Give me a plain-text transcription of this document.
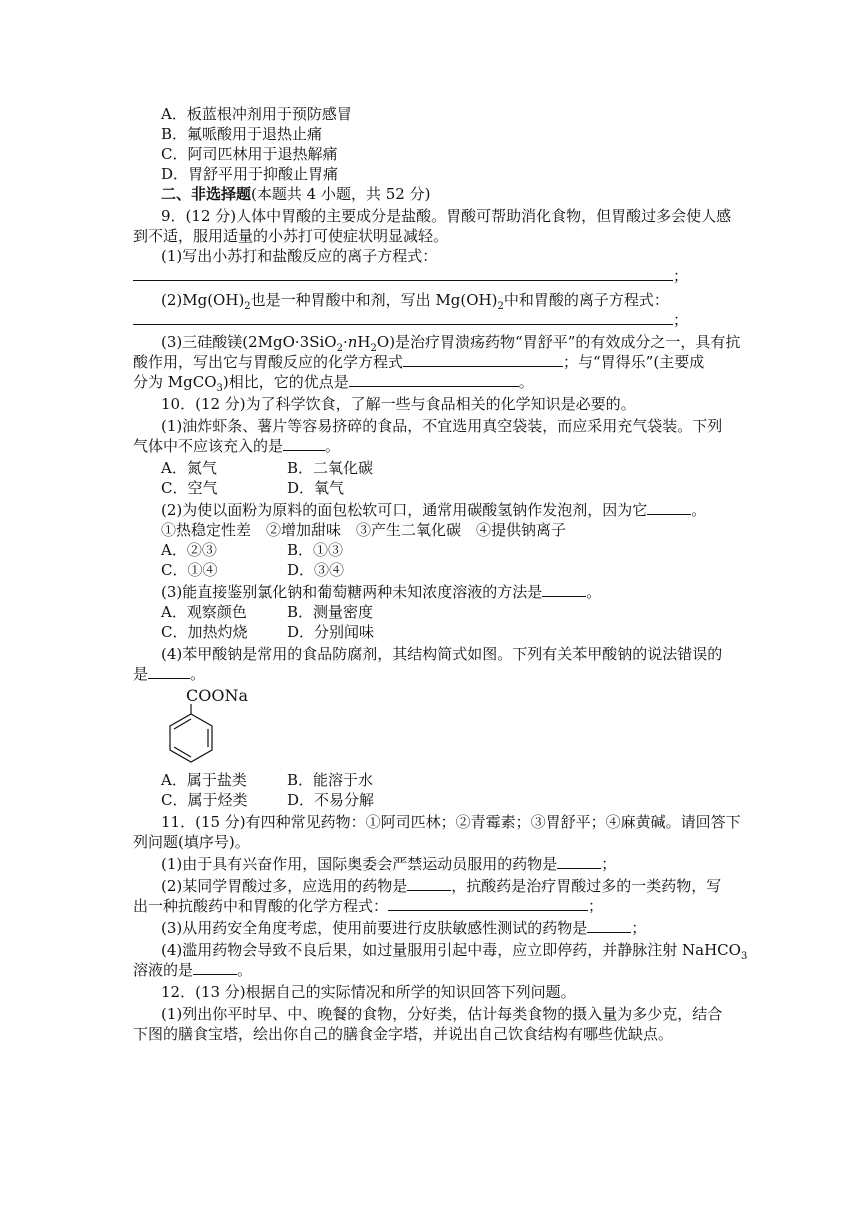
A．板蓝根冲剂用于预防感冒
B．氟哌酸用于退热止痛
C．阿司匹林用于退热解痛
D．胃舒平用于抑酸止胃痛
二、非选择题(本题共 4 小题，共 52 分)
9．(12 分)人体中胃酸的主要成分是盐酸。胃酸可帮助消化食物，但胃酸过多会使人感
到不适，服用适量的小苏打可使症状明显减轻。
(1)写出小苏打和盐酸反应的离子方程式：
；
$(2)Mg(OH)_2$也是一种胃酸中和剂，写出 $Mg(OH)_2$中和胃酸的离子方程式：
；
(3)三硅酸镁$(2MgO\cdot 3SiO_2\cdot nH_2O)$是治疗胃溃疡药物“胃舒平”的有效成分之一，具有抗
酸作用，写出它与胃酸反应的化学方程式	；与“胃得乐”(主要成
分为 MgCO$_3$)相比，它的优点是	。
10．(12 分)为了科学饮食，了解一些与食品相关的化学知识是必要的。
(1)油炸虾条、薯片等容易挤碎的食品，不宜选用真空袋装，而应采用充气袋装。下列
气体中不应该充入的是	。
A．氮气	B．二氧化碳
C．空气	D．氧气
(2)为使以面粉为原料的面包松软可口，通常用碳酸氢钠作发泡剂，因为它	。
①热稳定性差　②增加甜味　③产生二氧化碳　④提供钠离子
A．②③	B．①③
C．①④	D．③④
(3)能直接鉴别氯化钠和葡萄糖两种未知浓度溶液的方法是	。
A．观察颜色	B．测量密度
C．加热灼烧	D．分别闻味
(4)苯甲酸钠是常用的食品防腐剂，其结构简式如图。下列有关苯甲酸钠的说法错误的
是	。
COONa
A．属于盐类	B．能溶于水
C．属于烃类	D．不易分解
11．(15 分)有四种常见药物：①阿司匹林；②青霉素；③胃舒平；④麻黄碱。请回答下
列问题(填序号)。
(1)由于具有兴奋作用，国际奥委会严禁运动员服用的药物是	；
(2)某同学胃酸过多，应选用的药物是	，抗酸药是治疗胃酸过多的一类药物，写
出一种抗酸药中和胃酸的化学方程式：	；
(3)从用药安全角度考虑，使用前要进行皮肤敏感性测试的药物是	；
(4)滥用药物会导致不良后果，如过量服用引起中毒，应立即停药，并静脉注射 NaHCO$_3$
溶液的是	。
12．(13 分)根据自己的实际情况和所学的知识回答下列问题。
(1)列出你平时早、中、晚餐的食物，分好类，估计每类食物的摄入量为多少克，结合
下图的膳食宝塔，绘出你自己的膳食金字塔，并说出自己饮食结构有哪些优缺点。
